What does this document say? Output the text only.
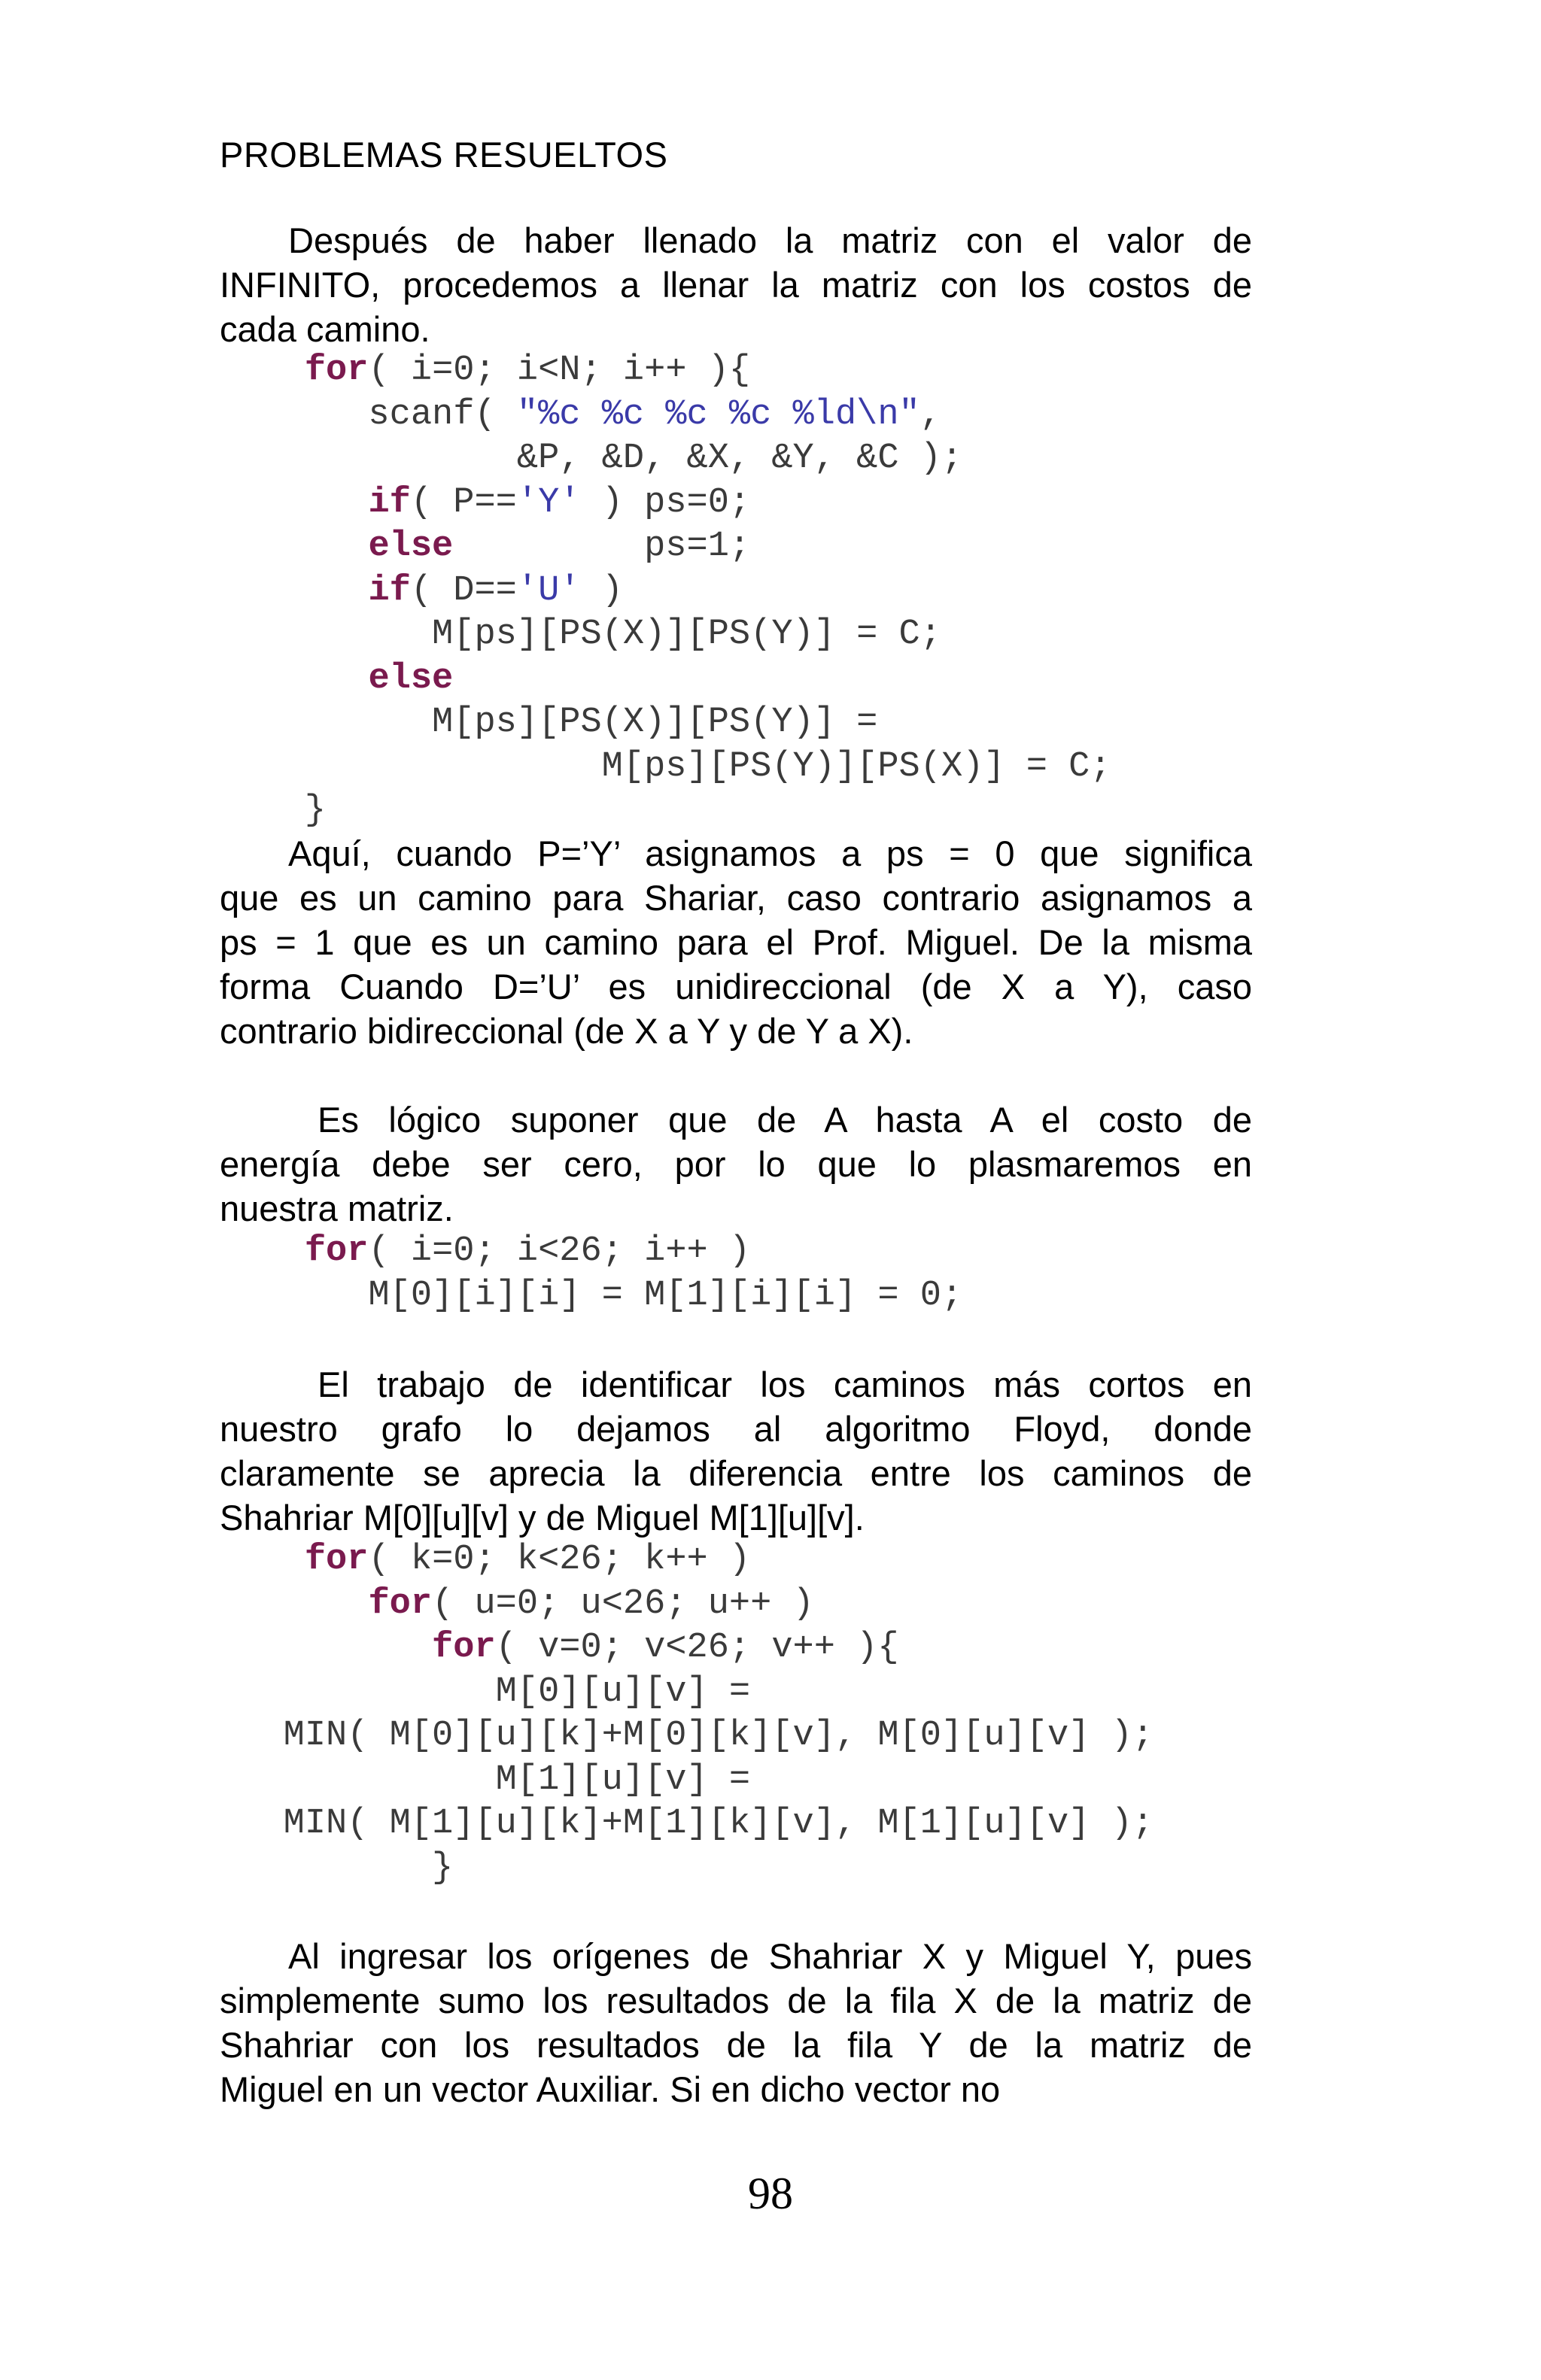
PROBLEMAS RESUELTOS
Después de haber llenado la matriz con el valor de
INFINITO, procedemos a llenar la matriz con los costos de
cada camino.
for( i=0; i<N; i++ ){
scanf( "%c %c %c %c %ld\n",
&P, &D, &X, &Y, &C );
if( P=='Y' ) ps=0;
else         ps=1;
if( D=='U' )
M[ps][PS(X)][PS(Y)] = C;
else
M[ps][PS(X)][PS(Y)] =
M[ps][PS(Y)][PS(X)] = C;
}
Aquí, cuando P=’Y’ asignamos a ps = 0 que significa
que es un camino para Shariar, caso contrario asignamos a
ps = 1 que es un camino para el Prof. Miguel. De la misma
forma Cuando D=’U’ es unidireccional (de X a Y), caso
contrario bidireccional (de X a Y y de Y a X).
Es lógico suponer que de A hasta A el costo de
energía debe ser cero, por lo que lo plasmaremos en
nuestra matriz.
for( i=0; i<26; i++ )
M[0][i][i] = M[1][i][i] = 0;
El trabajo de identificar los caminos más cortos en
nuestro grafo lo dejamos al algoritmo Floyd, donde
claramente se aprecia la diferencia entre los caminos de
Shahriar M[0][u][v] y de Miguel M[1][u][v].
for( k=0; k<26; k++ )
for( u=0; u<26; u++ )
for( v=0; v<26; v++ ){
M[0][u][v] =
MIN( M[0][u][k]+M[0][k][v], M[0][u][v] );
M[1][u][v] =
MIN( M[1][u][k]+M[1][k][v], M[1][u][v] );
}
Al ingresar los orígenes de Shahriar X y Miguel Y, pues
simplemente sumo los resultados de la fila X de la matriz de
Shahriar con los resultados de la fila Y de la matriz de
Miguel en un vector Auxiliar. Si en dicho vector no
98
